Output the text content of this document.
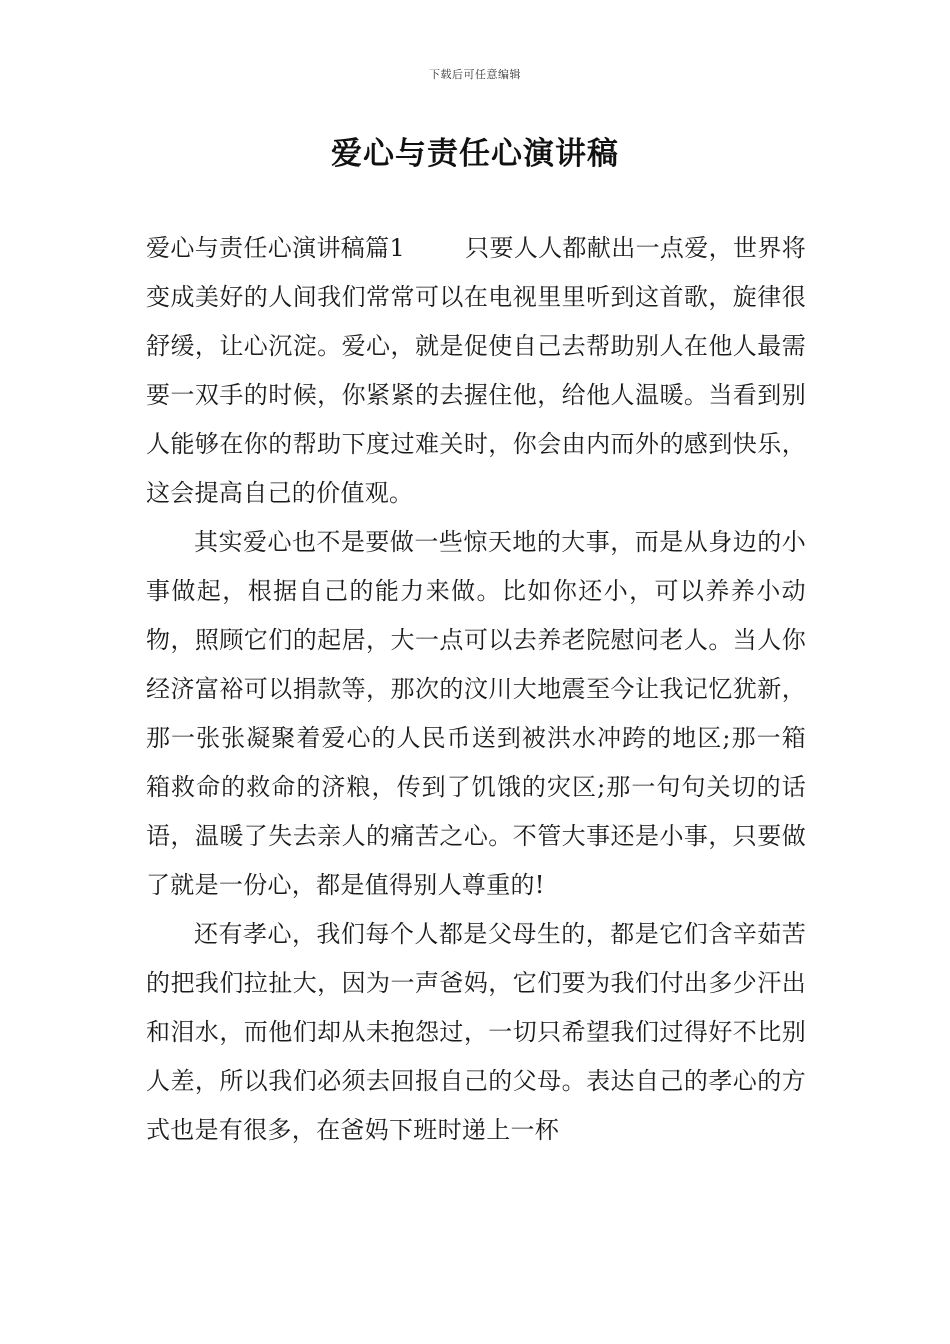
下载后可任意编辑
爱心与责任心演讲稿

爱心与责任心演讲稿篇1	只要人人都献出一点爱，世界将变成美好的人间我们常常可以在电视里里听到这首歌，旋律很舒缓，让心沉淀。爱心，就是促使自己去帮助别人在他人最需要一双手的时候，你紧紧的去握住他，给他人温暖。当看到别人能够在你的帮助下度过难关时，你会由内而外的感到快乐，这会提高自己的价值观。

其实爱心也不是要做一些惊天地的大事，而是从身边的小事做起，根据自己的能力来做。比如你还小，可以养养小动物，照顾它们的起居，大一点可以去养老院慰问老人。当人你经济富裕可以捐款等，那次的汶川大地震至今让我记忆犹新，那一张张凝聚着爱心的人民币送到被洪水冲跨的地区;那一箱箱救命的救命的济粮，传到了饥饿的灾区;那一句句关切的话语，温暖了失去亲人的痛苦之心。不管大事还是小事，只要做了就是一份心，都是值得别人尊重的!

还有孝心，我们每个人都是父母生的，都是它们含辛茹苦的把我们拉扯大，因为一声爸妈，它们要为我们付出多少汗出和泪水，而他们却从未抱怨过，一切只希望我们过得好不比别人差，所以我们必须去回报自己的父母。表达自己的孝心的方式也是有很多，在爸妈下班时递上一杯
